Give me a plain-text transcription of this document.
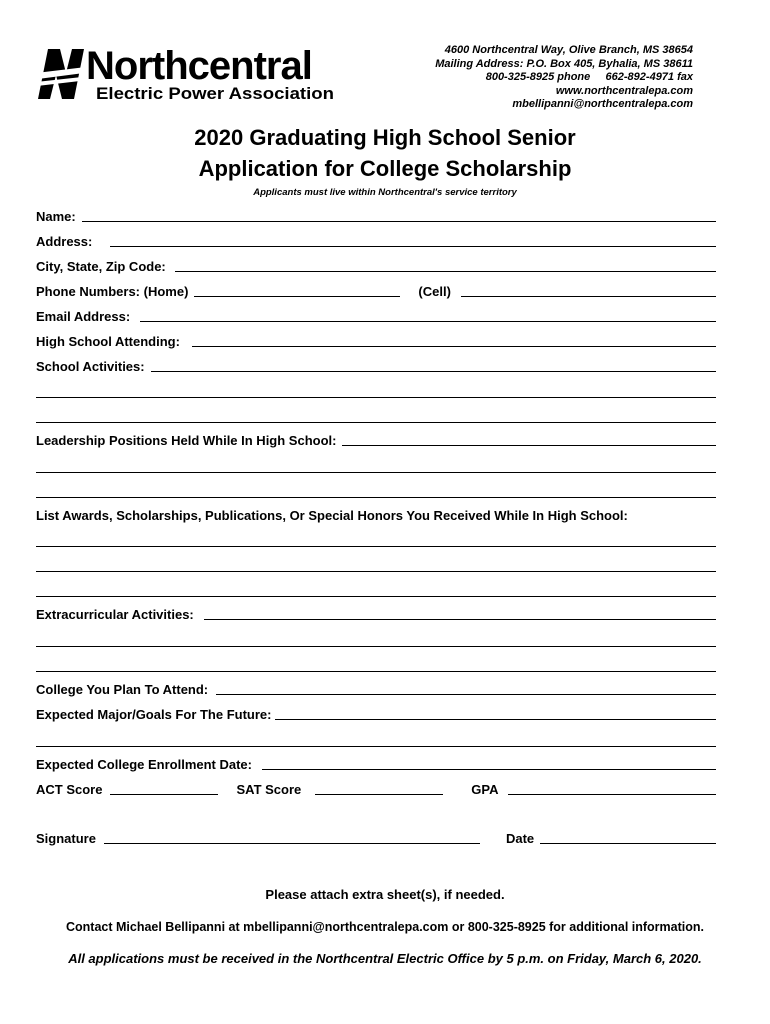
Northcentral
Electric Power Association
4600 Northcentral Way, Olive Branch, MS 38654
Mailing Address: P.O. Box 405, Byhalia, MS 38611
800-325-8925 phone     662-892-4971 fax
www.northcentralepa.com
mbellipanni@northcentralepa.com
2020 Graduating High School Senior
Application for College Scholarship
Applicants must live within Northcentral's service territory
Name:
Address:
City, State, Zip Code:
Phone Numbers: (Home)	(Cell)
Email Address:
High School Attending:
School Activities:
Leadership Positions Held While In High School:
List Awards, Scholarships, Publications, Or Special Honors You Received While In High School:
Extracurricular Activities:
College You Plan To Attend:
Expected Major/Goals For The Future:
Expected College Enrollment Date:
ACT Score	SAT Score	GPA
Signature	Date
Please attach extra sheet(s), if needed.
Contact Michael Bellipanni at mbellipanni@northcentralepa.com or 800-325-8925 for additional information.
All applications must be received in the Northcentral Electric Office by 5 p.m. on Friday, March 6, 2020.
